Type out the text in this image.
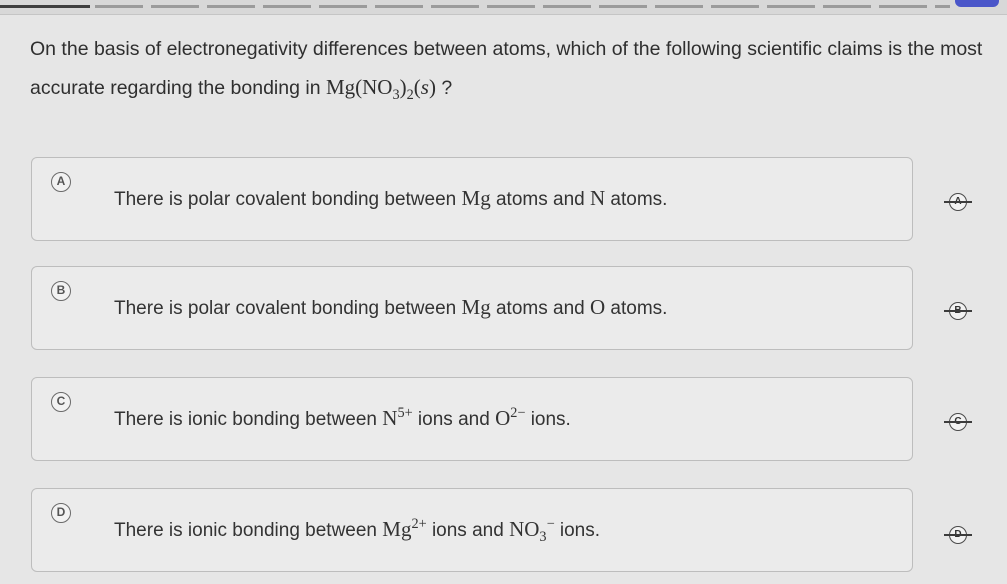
On the basis of electronegativity differences between atoms, which of the following scientific claims is the most accurate regarding the bonding in $Mg(NO_3)_2(s)$ ?
A
There is polar covalent bonding between Mg atoms and N atoms.
B
There is polar covalent bonding between Mg atoms and O atoms.
C
There is ionic bonding between $N^{5+}$ ions and $O^{2-}$ ions.
D
There is ionic bonding between $Mg^{2+}$ ions and $NO_3^-$ ions.
